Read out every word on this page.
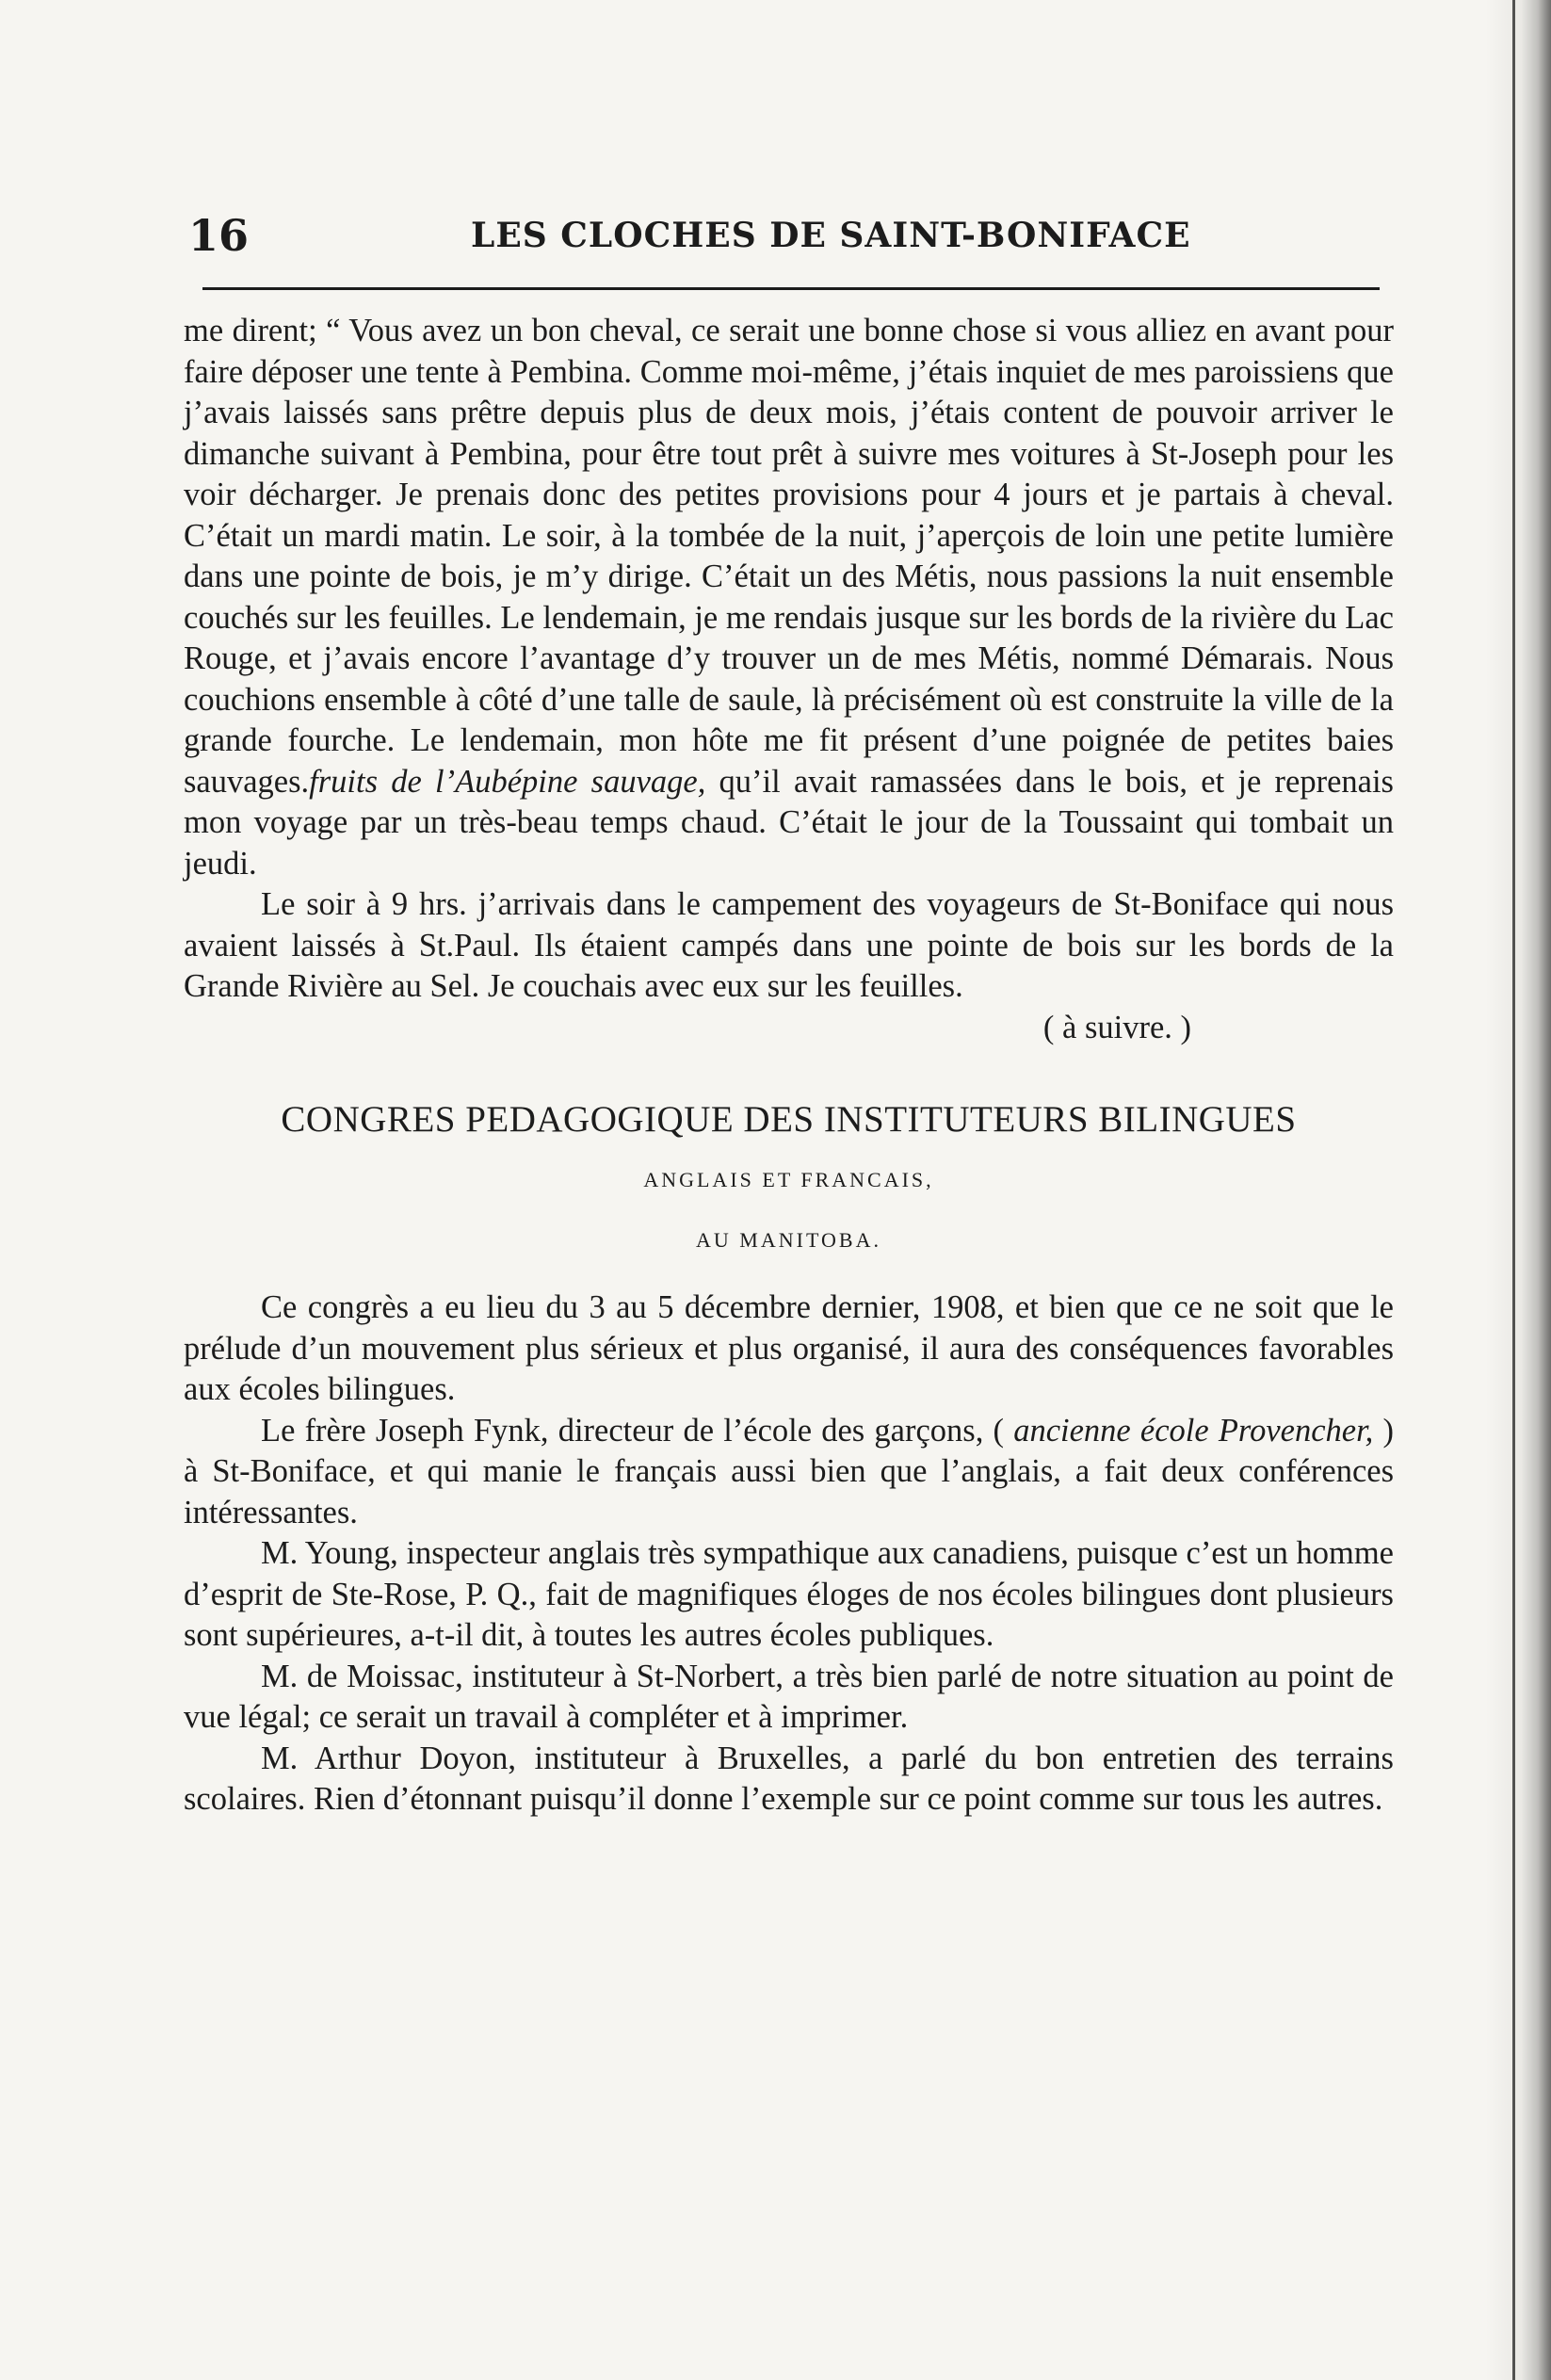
16	LES CLOCHES DE SAINT-BONIFACE

me dirent; “ Vous avez un bon cheval, ce serait une bonne chose si vous alliez en avant pour faire déposer une tente à Pembina. Comme moi-même, j’étais inquiet de mes paroissiens que j’avais laissés sans prêtre depuis plus de deux mois, j’étais content de pouvoir arriver le dimanche suivant à Pembina, pour être tout prêt à suivre mes voitures à St-Joseph pour les voir décharger. Je prenais donc des petites provisions pour 4 jours et je partais à cheval. C’était un mardi matin. Le soir, à la tombée de la nuit, j’aperçois de loin une petite lumière dans une pointe de bois, je m’y dirige. C’était un des Métis, nous passions la nuit ensemble couchés sur les feuilles. Le lendemain, je me rendais jusque sur les bords de la rivière du Lac Rouge, et j’avais encore l’avantage d’y trouver un de mes Métis, nommé Démarais. Nous couchions ensemble à côté d’une talle de saule, là précisément où est construite la ville de la grande fourche. Le lendemain, mon hôte me fit présent d’une poignée de petites baies sauvages.fruits de l’Aubépine sauvage, qu’il avait ramassées dans le bois, et je reprenais mon voyage par un très-beau temps chaud. C’était le jour de la Toussaint qui tombait un jeudi.

Le soir à 9 hrs. j’arrivais dans le campement des voyageurs de St-Boniface qui nous avaient laissés à St.Paul. Ils étaient campés dans une pointe de bois sur les bords de la Grande Rivière au Sel. Je couchais avec eux sur les feuilles.

( à suivre. )

CONGRES PEDAGOGIQUE DES INSTITUTEURS BILINGUES
ANGLAIS ET FRANCAIS,
AU MANITOBA.

Ce congrès a eu lieu du 3 au 5 décembre dernier, 1908, et bien que ce ne soit que le prélude d’un mouvement plus sérieux et plus organisé, il aura des conséquences favorables aux écoles bilingues.

Le frère Joseph Fynk, directeur de l’école des garçons, ( ancienne école Provencher, ) à St-Boniface, et qui manie le français aussi bien que l’anglais, a fait deux conférences intéressantes.

M. Young, inspecteur anglais très sympathique aux canadiens, puisque c’est un homme d’esprit de Ste-Rose, P. Q., fait de magnifiques éloges de nos écoles bilingues dont plusieurs sont supérieures, a-t-il dit, à toutes les autres écoles publiques.

M. de Moissac, instituteur à St-Norbert, a très bien parlé de notre situation au point de vue légal; ce serait un travail à compléter et à imprimer.

M. Arthur Doyon, instituteur à Bruxelles, a parlé du bon entretien des terrains scolaires. Rien d’étonnant puisqu’il donne l’exemple sur ce point comme sur tous les autres.
